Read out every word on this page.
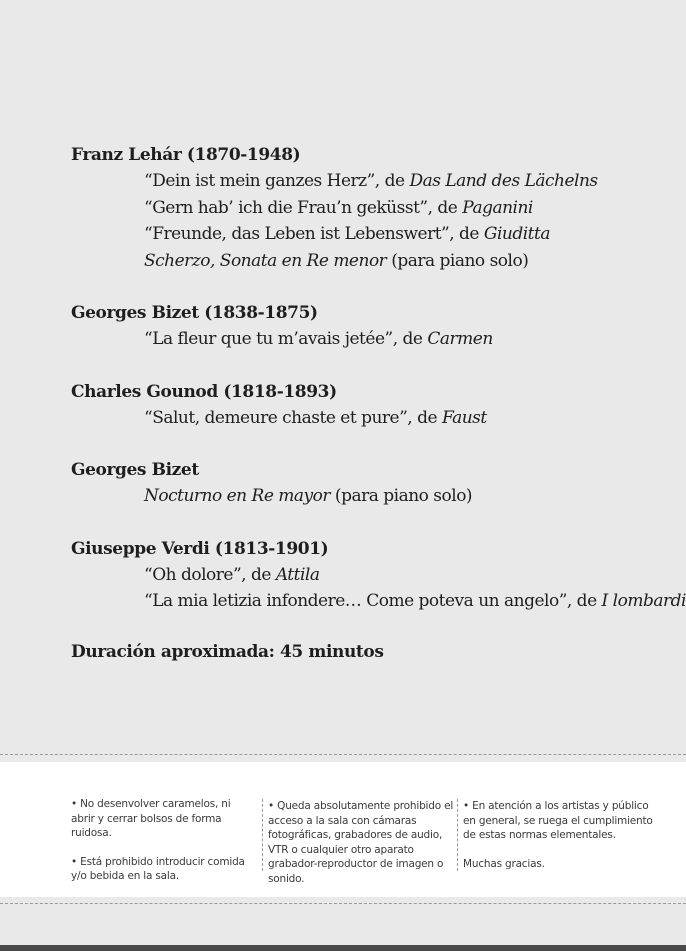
Franz Lehár (1870-1948)
“Dein ist mein ganzes Herz”, de Das Land des Lächelns
“Gern hab’ ich die Frau’n geküsst”, de Paganini
“Freunde, das Leben ist Lebenswert”, de Giuditta
Scherzo, Sonata en Re menor (para piano solo)
Georges Bizet (1838-1875)
“La fleur que tu m’avais jetée”, de Carmen
Charles Gounod (1818-1893)
“Salut, demeure chaste et pure”, de Faust
Georges Bizet
Nocturno en Re mayor (para piano solo)
Giuseppe Verdi (1813-1901)
“Oh dolore”, de Attila
“La mia letizia infondere… Come poteva un angelo”, de I lombardi
Duración aproximada: 45 minutos

• No desenvolver caramelos, ni abrir y cerrar bolsos de forma ruidosa.

• Está prohibido introducir comida y/o bebida en la sala.

• Queda absolutamente prohibido el acceso a la sala con cámaras fotográficas, grabadores de audio, VTR o cualquier otro aparato grabador-reproductor de imagen o sonido.

• En atención a los artistas y público en general, se ruega el cumplimiento de estas normas elementales.

Muchas gracias.
